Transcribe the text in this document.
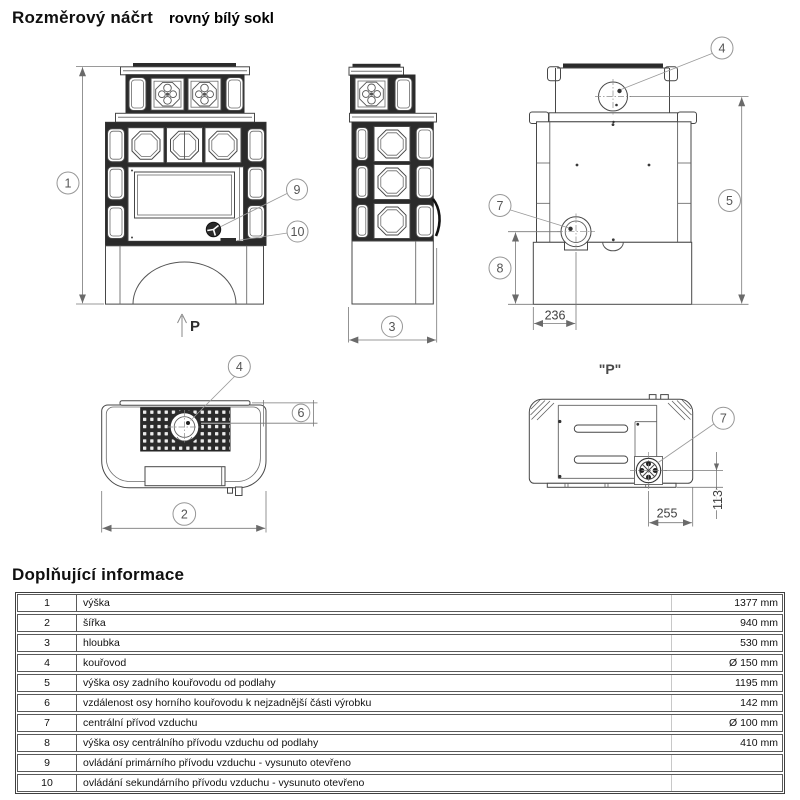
Rozměrový náčrt rovný bílý sokl
P
1	9
10
3
236
5
4
7
8
6
4
2
"P"
7
255
113
Doplňující informace
1	výška	1377 mm
2	šířka	940 mm
3	hloubka	530 mm
4	kouřovod	Ø 150 mm
5	výška osy zadního kouřovodu od podlahy	1195 mm
6	vzdálenost osy horního kouřovodu k nejzadnější části výrobku	142 mm
7	centrální přívod vzduchu	Ø 100 mm
8	výška osy centrálního přívodu vzduchu od podlahy	410 mm
9	ovládání primárního přívodu vzduchu - vysunuto otevřeno
10	ovládání sekundárního přívodu vzduchu - vysunuto otevřeno
